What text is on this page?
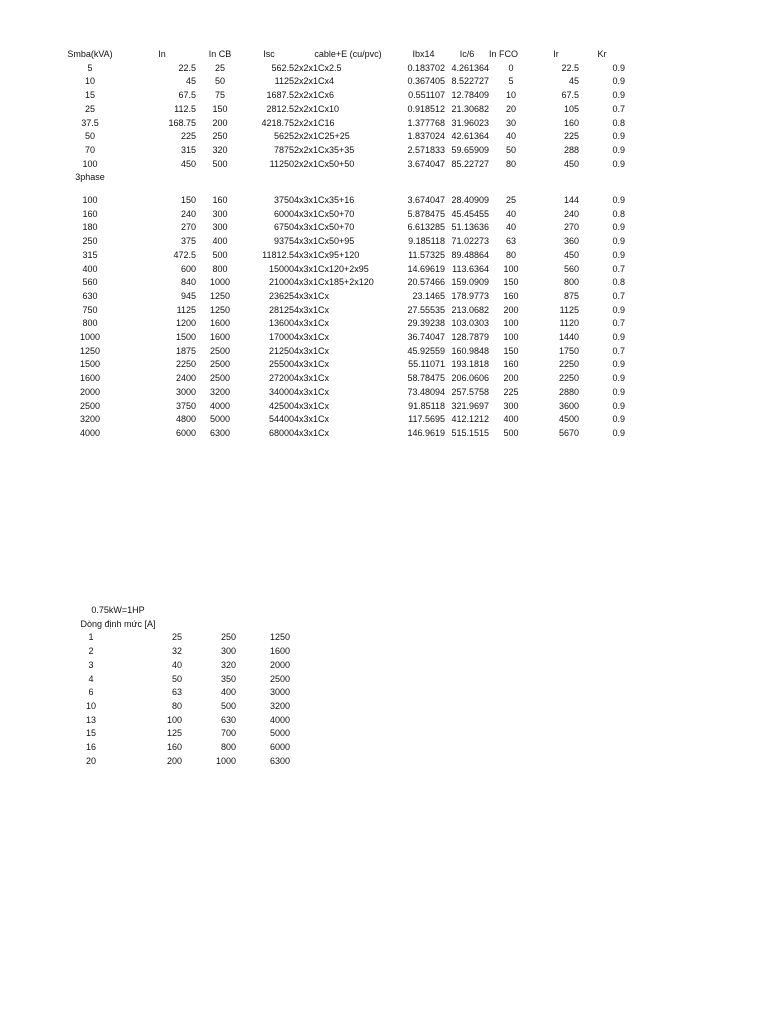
Smba(kVA)	In	In CB	Isc	cable+E (cu/pvc)	Ibx14	Ic/6	In FCO	Ir	Kr
5	22.5	25	562.5	2x2x1Cx2.5	0.183702	4.261364	0	22.5	0.9
10	45	50	1125	2x2x1Cx4	0.367405	8.522727	5	45	0.9
15	67.5	75	1687.5	2x2x1Cx6	0.551107	12.78409	10	67.5	0.9
25	112.5	150	2812.5	2x2x1Cx10	0.918512	21.30682	20	105	0.7
37.5	168.75	200	4218.75	2x2x1C16	1.377768	31.96023	30	160	0.8
50	225	250	5625	2x2x1C25+25	1.837024	42.61364	40	225	0.9
70	315	320	7875	2x2x1Cx35+35	2.571833	59.65909	50	288	0.9
100	450	500	11250	2x2x1Cx50+50	3.674047	85.22727	80	450	0.9
3phase									

100	150	160	3750	4x3x1Cx35+16	3.674047	28.40909	25	144	0.9
160	240	300	6000	4x3x1Cx50+70	5.878475	45.45455	40	240	0.8
180	270	300	6750	4x3x1Cx50+70	6.613285	51.13636	40	270	0.9
250	375	400	9375	4x3x1Cx50+95	9.185118	71.02273	63	360	0.9
315	472.5	500	11812.5	4x3x1Cx95+120	11.57325	89.48864	80	450	0.9
400	600	800	15000	4x3x1Cx120+2x95	14.69619	113.6364	100	560	0.7
560	840	1000	21000	4x3x1Cx185+2x120	20.57466	159.0909	150	800	0.8
630	945	1250	23625	4x3x1Cx	23.1465	178.9773	160	875	0.7
750	1125	1250	28125	4x3x1Cx	27.55535	213.0682	200	1125	0.9
800	1200	1600	13600	4x3x1Cx	29.39238	103.0303	100	1120	0.7
1000	1500	1600	17000	4x3x1Cx	36.74047	128.7879	100	1440	0.9
1250	1875	2500	21250	4x3x1Cx	45.92559	160.9848	150	1750	0.7
1500	2250	2500	25500	4x3x1Cx	55.11071	193.1818	160	2250	0.9
1600	2400	2500	27200	4x3x1Cx	58.78475	206.0606	200	2250	0.9
2000	3000	3200	34000	4x3x1Cx	73.48094	257.5758	225	2880	0.9
2500	3750	4000	42500	4x3x1Cx	91.85118	321.9697	300	3600	0.9
3200	4800	5000	54400	4x3x1Cx	117.5695	412.1212	400	4500	0.9
4000	6000	6300	68000	4x3x1Cx	146.9619	515.1515	500	5670	0.9
0.75kW=1HP			
Dòng định mức [A]			
1	25	250	1250
2	32	300	1600
3	40	320	2000
4	50	350	2500
6	63	400	3000
10	80	500	3200
13	100	630	4000
15	125	700	5000
16	160	800	6000
20	200	1000	6300
